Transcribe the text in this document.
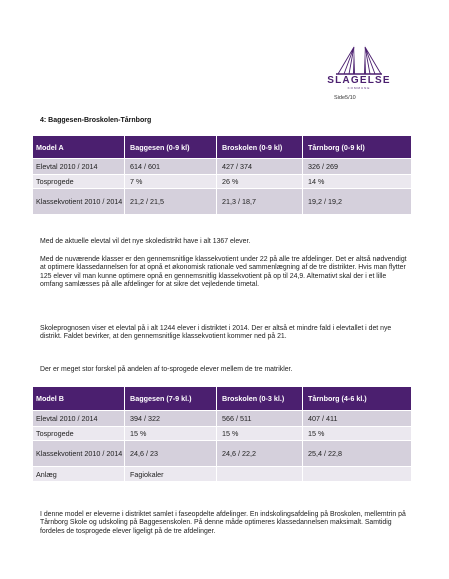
SLAGELSE
KOMMUNE
Side5/10
4: Baggesen-Broskolen-Tårnborg
Model A	Baggesen (0-9 kl)	Broskolen (0-9 kl)	Tårnborg (0-9 kl)
Elevtal 2010 / 2014	614 / 601	427 / 374	326 / 269
Tosprogede	7 %	26 %	14 %
Klassekvotient 2010 / 2014	21,2 / 21,5	21,3 / 18,7	19,2 / 19,2

Med de aktuelle elevtal vil det nye skoledistrikt have i alt 1367 elever.

Med de nuværende klasser er den gennemsnitlige klassekvotient under 22 på alle tre afdelinger. Det er altså nødvendigt at optimere klassedannelsen for at opnå et økonomisk rationale ved sammenlægning af de tre distrikter. Hvis man flytter 125 elever vil man kunne optimere opnå en gennemsnitlig klassekvotient på op til 24,9. Alternativt skal der i et lille omfang samlæsses på alle afdelinger for at sikre det vejledende timetal.

Skoleprognosen viser et elevtal på i alt 1244 elever i distriktet i 2014. Der er altså et mindre fald i elevtallet i det nye distrikt. Faldet bevirker, at den gennemsnitlige klassekvotient kommer ned på 21.

Der er meget stor forskel på andelen af to-sprogede elever mellem de tre matrikler.

Model B	Baggesen (7-9 kl.)	Broskolen (0-3 kl.)	Tårnborg (4-6 kl.)
Elevtal 2010 / 2014	394 / 322	566 / 511	407 / 411
Tosprogede	15 %	15 %	15 %
Klassekvotient 2010 / 2014	24,6 / 23	24,6 / 22,2	25,4 / 22,8
Anlæg	Fagiokaler		

I denne model er eleverne i distriktet samlet i faseopdelte afdelinger. En indskolingsafdeling på Broskolen, mellemtrin på Tårnborg Skole og udskoling på Baggesenskolen. På denne måde optimeres klassedannelsen maksimalt. Samtidig fordeles de tosprogede elever ligeligt på de tre afdelinger.
